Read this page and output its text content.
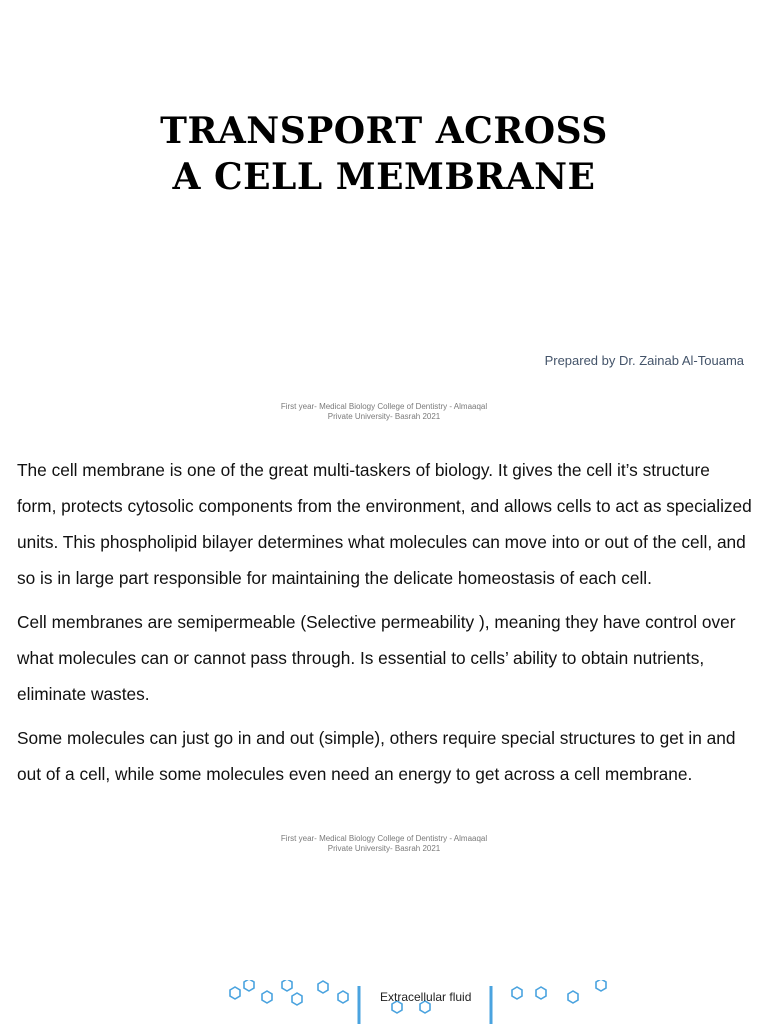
TRANSPORT ACROSS
A CELL MEMBRANE
Prepared by Dr. Zainab Al-Touama
First year- Medical Biology College of Dentistry - Almaaqal
Private University- Basrah 2021

The cell membrane is one of the great multi-taskers of biology. It gives the cell it’s structure form, protects cytosolic components from the environment, and allows cells to act as specialized units. This phospholipid bilayer determines what molecules can move into or out of the cell, and so is in large part responsible for maintaining the delicate homeostasis of each cell.

Cell membranes are semipermeable (Selective permeability ), meaning they have control over what molecules can or cannot pass through. Is essential to cells’ ability to obtain nutrients, eliminate wastes.

Some molecules can just go in and out (simple), others require special structures to get in and out of a cell, while some molecules even need an energy to get across a cell membrane.

First year- Medical Biology College of Dentistry - Almaaqal
Private University- Basrah 2021
Extracellular fluid
